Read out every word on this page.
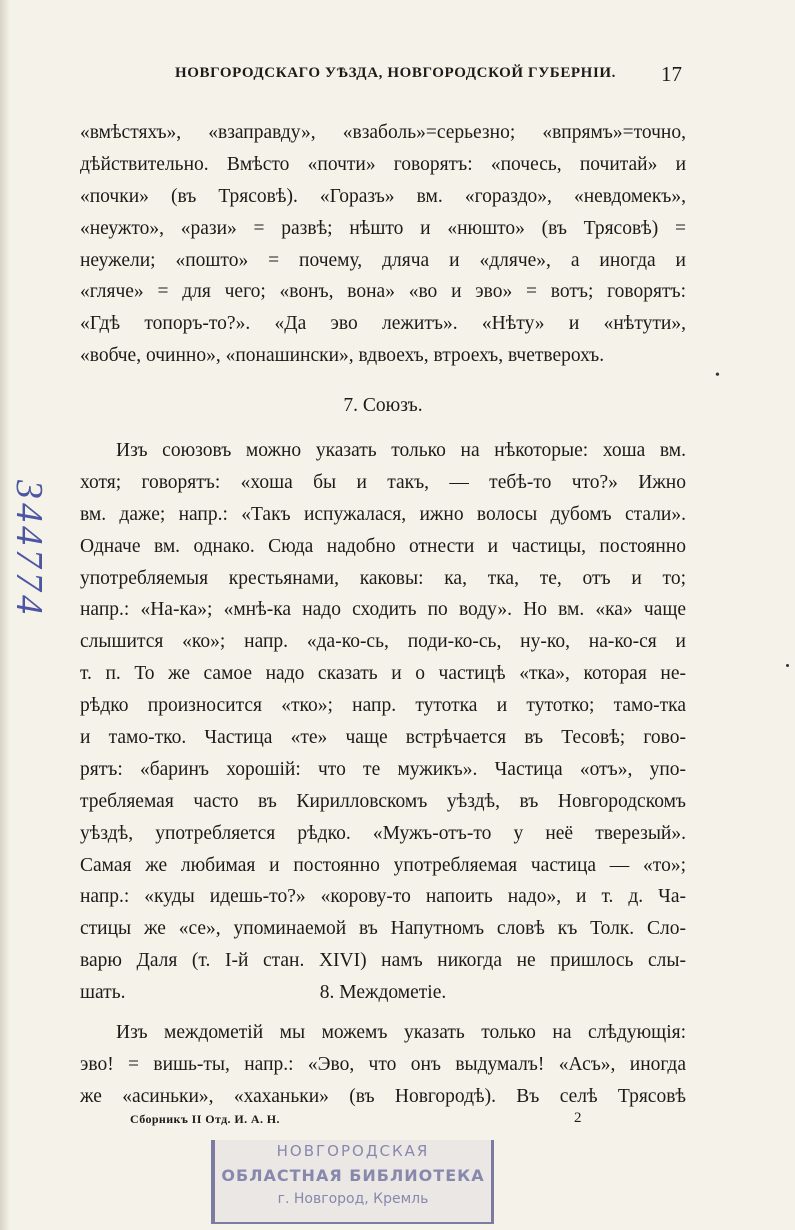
НОВГОРОДСКАГО УѢЗДА, НОВГОРОДСКОЙ ГУБЕРНІИ. 17
«вмѣстяхъ», «взаправду», «взаболь»=серьезно; «впрямъ»=точно,
дѣйствительно. Вмѣсто «почти» говорятъ: «почесь, почитай» и
«почки» (въ Трясовѣ). «Горазъ» вм. «гораздо», «невдомекъ»,
«неужто», «рази» = развѣ; нѣшто и «нюшто» (въ Трясовѣ) =
неужели; «пошто» = почему, дляча и «дляче», а иногда и
«гляче» = для чего; «вонъ, вона» «во и эво» = вотъ; говорятъ:
«Гдѣ топоръ-то?». «Да эво лежитъ». «Нѣту» и «нѣтути»,
«вобче, очинно», «понашински», вдвоехъ, втроехъ, вчетверохъ.
7. Союзъ.
Изъ союзовъ можно указать только на нѣкоторые: хоша вм.
хотя; говорятъ: «хоша бы и такъ, — тебѣ-то что?» Ижно
вм. даже; напр.: «Такъ испужалася, ижно волосы дубомъ стали».
Одначе вм. однако. Сюда надобно отнести и частицы, постоянно
употребляемыя крестьянами, каковы: ка, тка, те, отъ и то;
напр.: «На-ка»; «мнѣ-ка надо сходить по воду». Но вм. «ка» чаще
слышится «ко»; напр. «да-ко-сь, поди-ко-сь, ну-ко, на-ко-ся и
т. п. То же самое надо сказать и о частицѣ «тка», которая не-
рѣдко произносится «тко»; напр. тутотка и тутотко; тамо-тка
и тамо-тко. Частица «те» чаще встрѣчается въ Тесовѣ; гово-
рятъ: «баринъ хорошій: что те мужикъ». Частица «отъ», упо-
требляемая часто въ Кирилловскомъ уѣздѣ, въ Новгородскомъ
уѣздѣ, употребляется рѣдко. «Мужъ-отъ-то у неё тверезый».
Самая же любимая и постоянно употребляемая частица — «то»;
напр.: «куды идешь-то?» «корову-то напоить надо», и т. д. Ча-
стицы же «се», упоминаемой въ Напутномъ словѣ къ Толк. Сло-
варю Даля (т. І-й стан. XIVI) намъ никогда не пришлось слы-
шать.	8. Междометіе.
Изъ междометій мы можемъ указать только на слѣдующія:
эво! = вишь-ты, напр.: «Эво, что онъ выдумалъ! «Асъ», иногда
же «асиньки», «хаханьки» (въ Новгородѣ). Въ селѣ Трясовѣ
Сборникъ II Отд. И. А. Н.	2
НОВГОРОДСКАЯ
ОБЛАСТНАЯ БИБЛИОТЕКА
г. Новгород, Кремль
344774
•
